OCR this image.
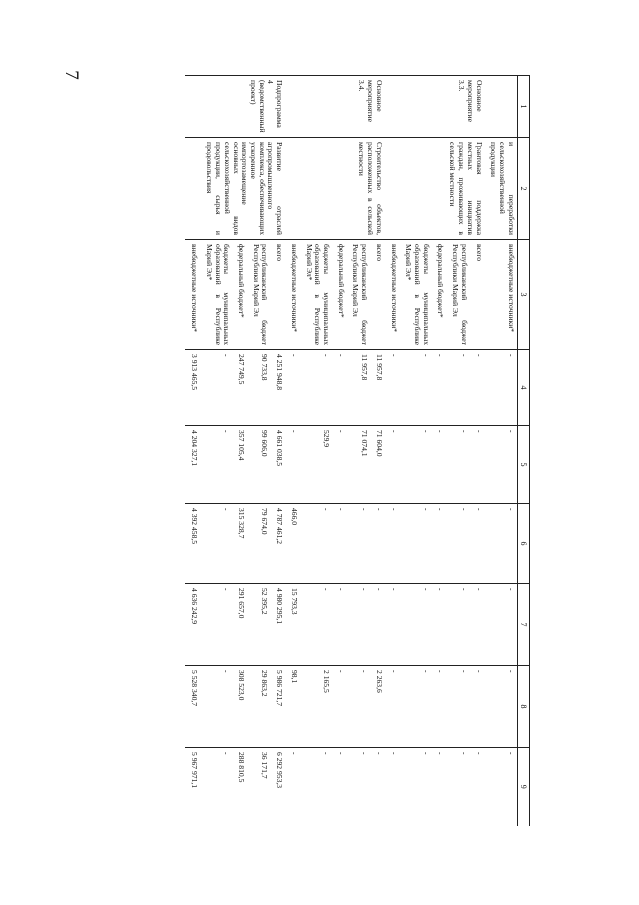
7
1	2	3	4	5	6	7	8	9
	и переработки сельскохозяйственной продукции	внебюджетные источники*	-	-	-	-	-	-
Основное мероприятие 3.3.	Грантовая поддержка местных инициатив граждан, проживающих в сельской местности	всего	-	-	-	-	-	-
		республиканский бюджет Республики Марий Эл	-	-	-	-	-	-
		федеральный бюджет*	-	-	-	-	-	-
		бюджеты муниципальных образований в Республике Марий Эл*	-	-	-	-	-	-
		внебюджетные источники*	-	-	-	-	-	-
Основное мероприятие 3.4.	Строительство объектов, расположенных в сельской местности	всего	11 957,8	71 604,0	-	-	2 263,6	-
		республиканский бюджет Республики Марий Эл	11 957,8	71 074,1	-	-	-	-
		федеральный бюджет*	-	-	-	-	-	-
		бюджеты муниципальных образований в Республике Марий Эл*	-	529,9	-	-	2 165,5	-
		внебюджетные источники*	-	-	466,0	15 793,3	98,1	-
Подпрограмма 4 (ведомственный проект)	Развитие отраслей агропромышленного комплекса, обеспечивающих ускоренное импортозамещение основных видов сельскохозяйственной продукции, сырья и продовольствия	всего	4 251 948,8	4 661 038,5	4 787 461,2	4 980 295,1	5 986 721,7	6 292 953,3
		республиканский бюджет Республики Марий Эл	90 733,8	99 606,0	79 674,0	52 395,2	29 863,2	36 171,7
		федеральный бюджет*	247 749,5	357 105,4	315 328,7	291 657,0	308 523,0	288 810,5
		бюджеты муниципальных образований в Республике Марий Эл*	-	-	-	-	-	-
		внебюджетные источники*	3 913 465,5	4 204 327,1	4 392 458,5	4 636 242,9	5 528 340,7	5 967 971,1
